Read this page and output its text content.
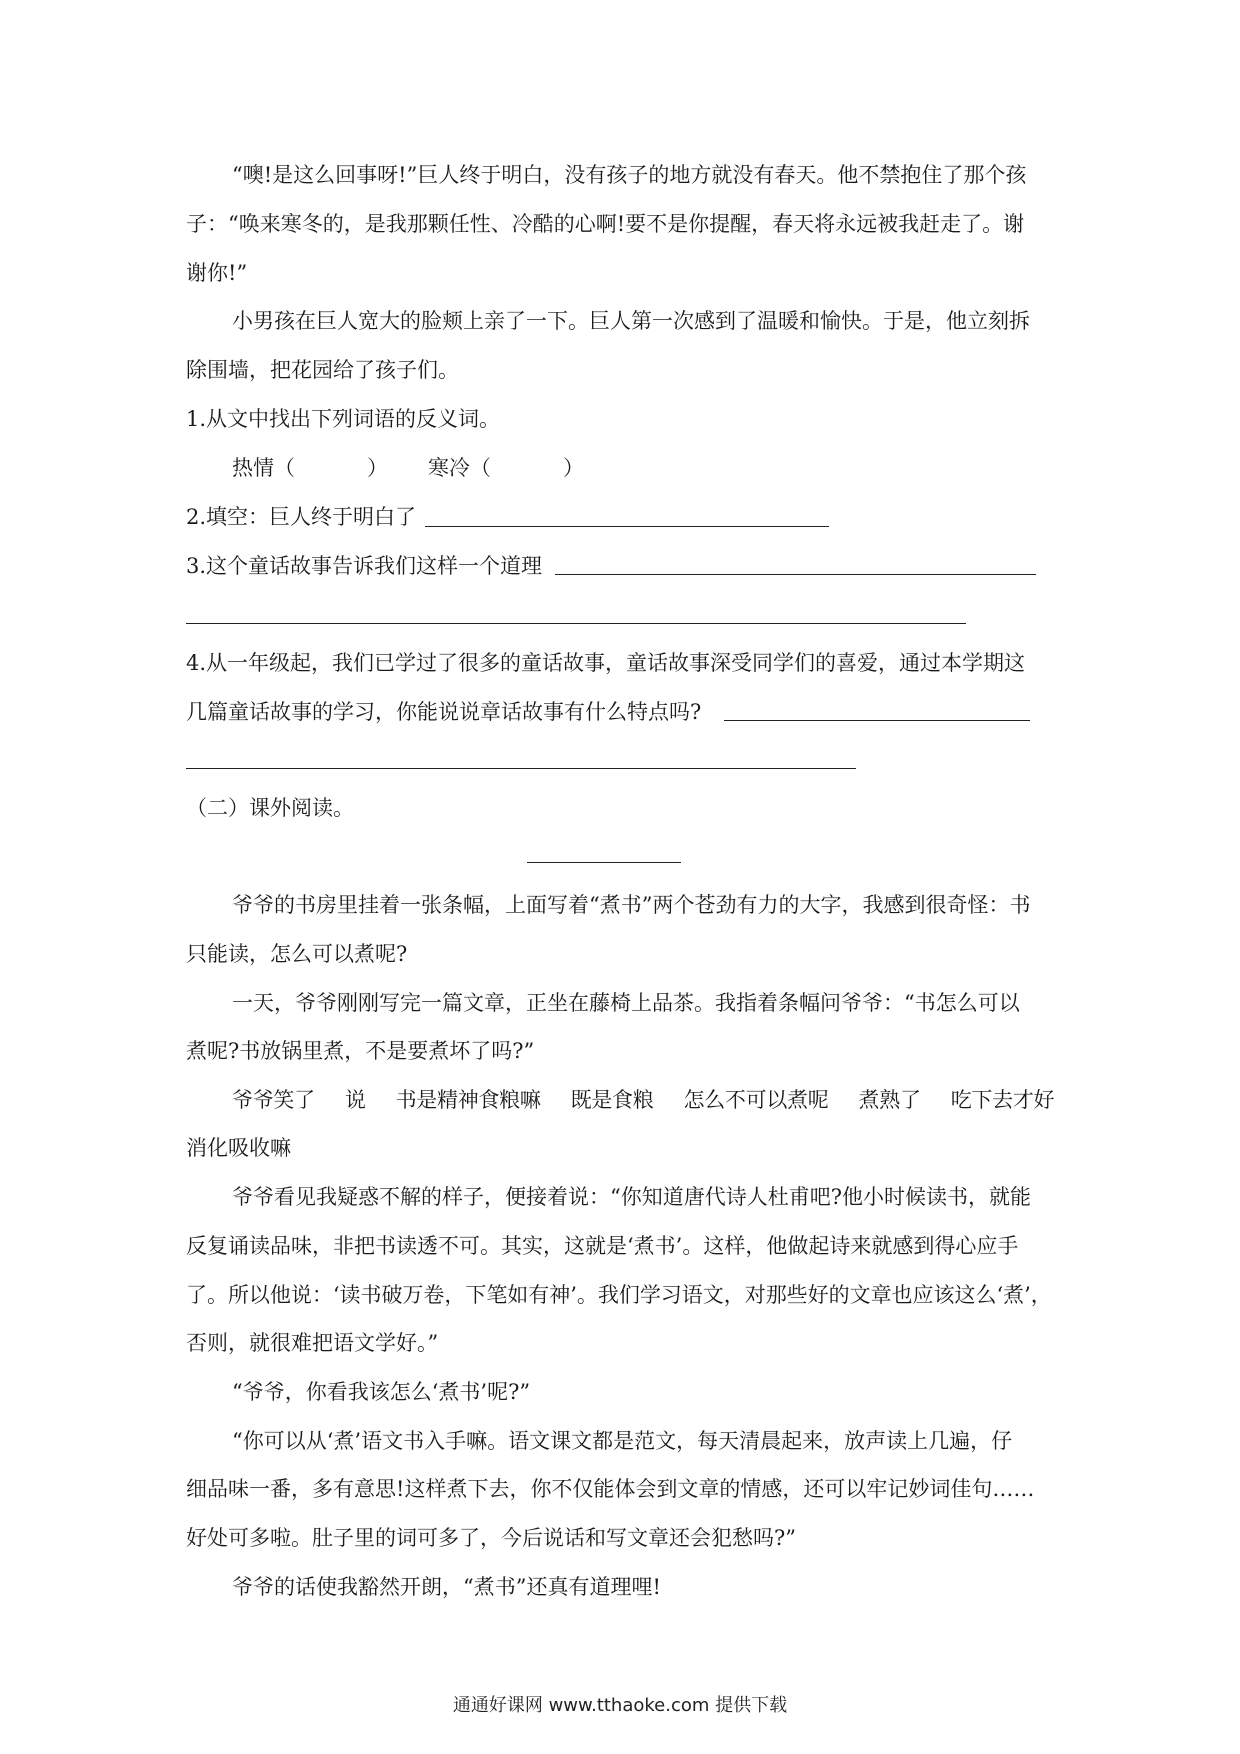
“噢!是这么回事呀!”巨人终于明白，没有孩子的地方就没有春天。他不禁抱住了那个孩
子：“唤来寒冬的，是我那颗任性、冷酷的心啊!要不是你提醒，春天将永远被我赶走了。谢
谢你!”
小男孩在巨人宽大的脸颊上亲了一下。巨人第一次感到了温暖和愉快。于是，他立刻拆
除围墙，把花园给了孩子们。
1.从文中找出下列词语的反义词。
热情（	） 寒冷（	）
2.填空：巨人终于明白了
3.这个童话故事告诉我们这样一个道理
4.从一年级起，我们已学过了很多的童话故事，童话故事深受同学们的喜爱，通过本学期这
几篇童话故事的学习，你能说说章话故事有什么特点吗?
（二）课外阅读。
爷爷的书房里挂着一张条幅，上面写着“煮书”两个苍劲有力的大字，我感到很奇怪：书
只能读，怎么可以煮呢?
一天，爷爷刚刚写完一篇文章，正坐在藤椅上品茶。我指着条幅问爷爷：“书怎么可以
煮呢?书放锅里煮，不是要煮坏了吗?”
爷爷笑了 说 书是精神食粮嘛 既是食粮 怎么不可以煮呢 煮熟了 吃下去才好
消化吸收嘛
爷爷看见我疑惑不解的样子，便接着说：“你知道唐代诗人杜甫吧?他小时候读书，就能
反复诵读品味，非把书读透不可。其实，这就是‘煮书’。这样，他做起诗来就感到得心应手
了。所以他说：‘读书破万卷，下笔如有神’。我们学习语文，对那些好的文章也应该这么‘煮’，
否则，就很难把语文学好。”
“爷爷，你看我该怎么‘煮书’呢?”
“你可以从‘煮’语文书入手嘛。语文课文都是范文，每天清晨起来，放声读上几遍，仔
细品味一番，多有意思!这样煮下去，你不仅能体会到文章的情感，还可以牢记妙词佳句……
好处可多啦。肚子里的词可多了，今后说话和写文章还会犯愁吗?”
爷爷的话使我豁然开朗，“煮书”还真有道理哩!
通通好课网 www.tthaoke.com 提供下载
